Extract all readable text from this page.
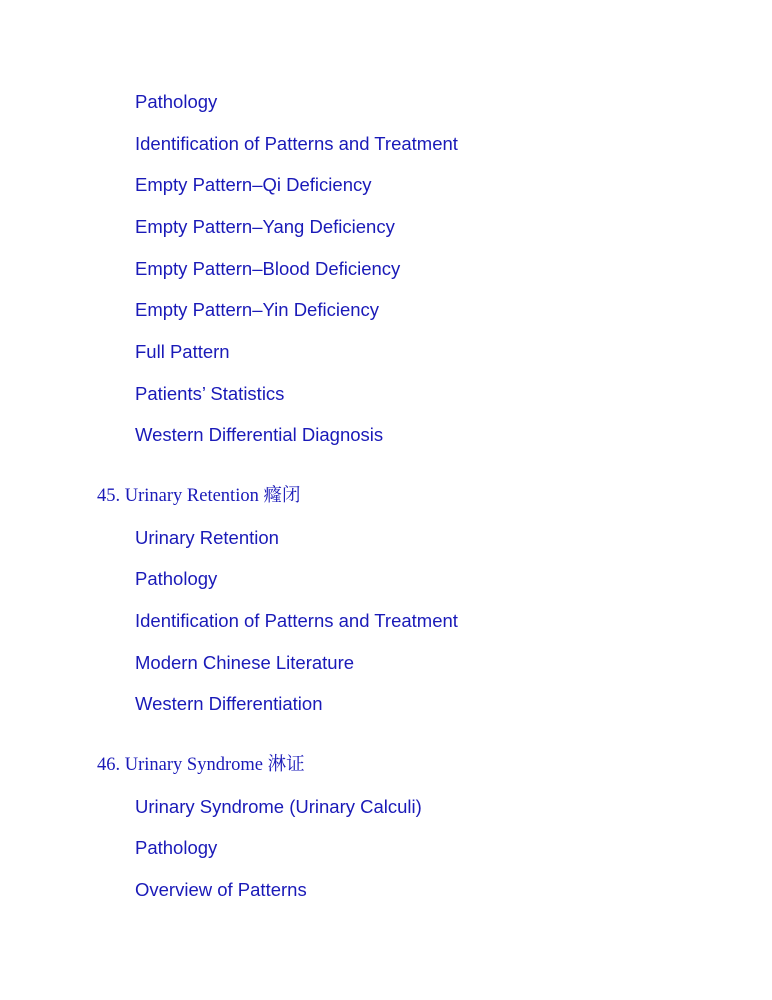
Pathology
Identification of Patterns and Treatment
Empty Pattern–Qi Deficiency
Empty Pattern–Yang Deficiency
Empty Pattern–Blood Deficiency
Empty Pattern–Yin Deficiency
Full Pattern
Patients’ Statistics
Western Differential Diagnosis
45. Urinary Retention 癃闭
Urinary Retention
Pathology
Identification of Patterns and Treatment
Modern Chinese Literature
Western Differentiation
46. Urinary Syndrome 淋证
Urinary Syndrome (Urinary Calculi)
Pathology
Overview of Patterns
